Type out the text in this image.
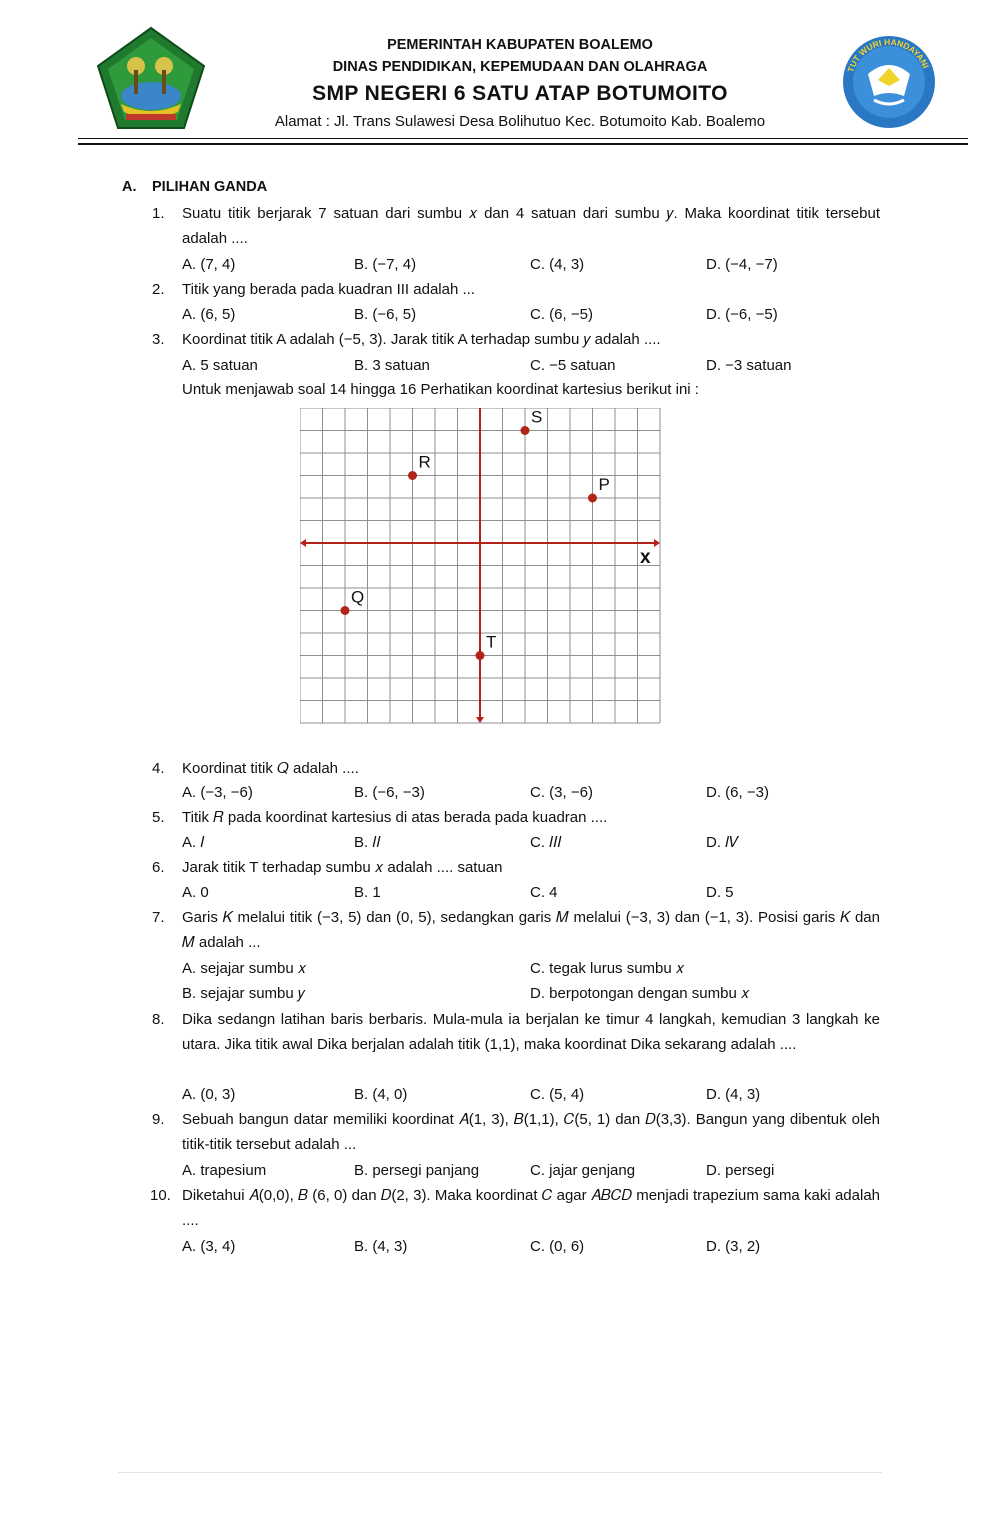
PEMERINTAH KABUPATEN BOALEMO
DINAS PENDIDIKAN, KEPEMUDAAN DAN OLAHRAGA
SMP NEGERI 6 SATU ATAP BOTUMOITO
Alamat : Jl. Trans Sulawesi Desa Bolihutuo Kec. Botumoito Kab. Boalemo
TUT WURI HANDAYANI
A. PILIHAN GANDA
1. Suatu titik berjarak 7 satuan dari sumbu 𝑥 dan 4 satuan dari sumbu 𝑦. Maka koordinat titik tersebut adalah ....
A. (7, 4)	B. (−7, 4)	C. (4, 3)	D. (−4, −7)
2. Titik yang berada pada kuadran III adalah ...
A. (6, 5)	B. (−6, 5)	C. (6, −5)	D. (−6, −5)
3. Koordinat titik A adalah (−5, 3). Jarak titik A terhadap sumbu 𝑦 adalah ....
A. 5 satuan	B. 3 satuan	C. −5 satuan	D. −3 satuan
Untuk menjawab soal 14 hingga 16 Perhatikan koordinat kartesius berikut ini :
x
S
R
P
Q
T
4. Koordinat titik 𝑄 adalah ....
A. (−3, −6)	B. (−6, −3)	C. (3, −6)	D. (6, −3)
5. Titik 𝑅 pada koordinat kartesius di atas berada pada kuadran ....
A. 𝐼	B. 𝐼𝐼	C. 𝐼𝐼𝐼	D. 𝐼𝑉
6. Jarak titik T terhadap sumbu 𝑥 adalah .... satuan
A. 0	B. 1	C. 4	D. 5
7. Garis 𝐾 melalui titik (−3, 5) dan (0, 5), sedangkan garis 𝑀 melalui (−3, 3) dan (−1, 3). Posisi garis 𝐾 dan 𝑀 adalah ...
A. sejajar sumbu 𝑥	C. tegak lurus sumbu 𝑥
B. sejajar sumbu 𝑦	D. berpotongan dengan sumbu 𝑥
8. Dika sedangn latihan baris berbaris. Mula-mula ia berjalan ke timur 4 langkah, kemudian 3 langkah ke utara. Jika titik awal Dika berjalan adalah titik (1,1), maka koordinat Dika sekarang adalah ....
A. (0, 3)	B. (4, 0)	C. (5, 4)	D. (4, 3)
9. Sebuah bangun datar memiliki koordinat 𝐴(1, 3), 𝐵(1,1), 𝐶(5, 1) dan 𝐷(3,3). Bangun yang dibentuk oleh titik-titik tersebut adalah ...
A. trapesium	B. persegi panjang	C. jajar genjang	D. persegi
10. Diketahui 𝐴(0,0), 𝐵 (6, 0) dan 𝐷(2, 3). Maka koordinat 𝐶 agar 𝐴𝐵𝐶𝐷 menjadi trapezium sama kaki adalah ....
A. (3, 4)	B. (4, 3)	C. (0, 6)	D. (3, 2)
